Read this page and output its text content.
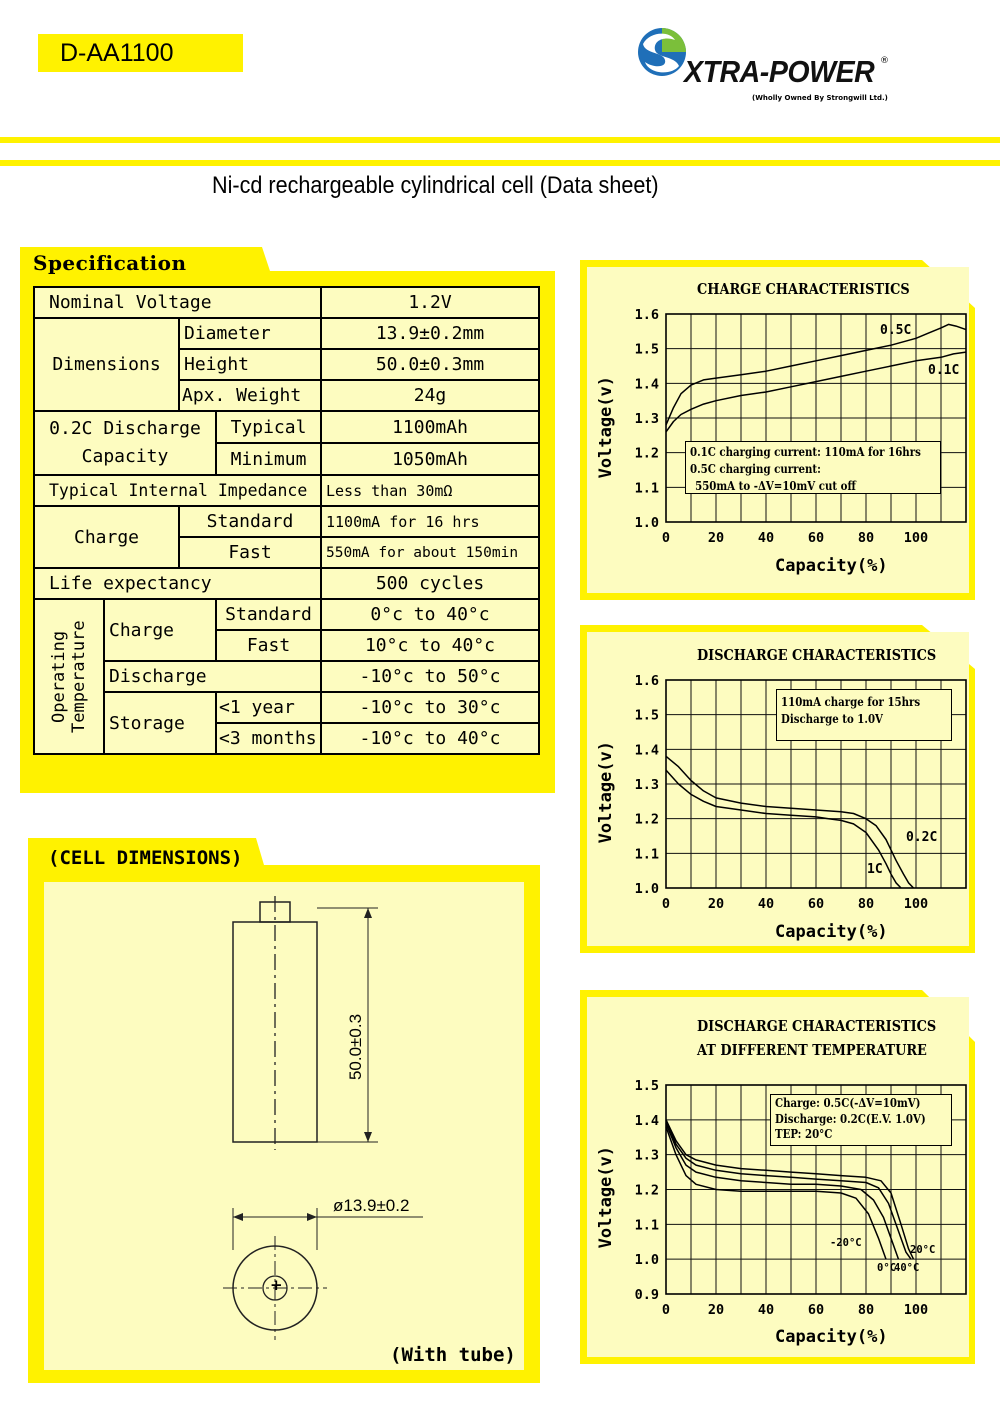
D-AA1100
XTRA-POWER ®
(Wholly Owned By Strongwill Ltd.)
Ni-cd rechargeable cylindrical cell (Data sheet)
Specification
Nominal Voltage				1.2V
Dimensions		Diameter		13.9±0.2mm
		Height		50.0±0.3mm
		Apx. Weight		24g
0.2C Discharge
Capacity			Typical	1100mAh
			Minimum	1050mAh
Typical Internal Impedance				Less than 30mΩ
Charge		Standard		1100mA for 16 hrs
		Fast		550mA for about 150min
Life expectancy				500 cycles

Operating
Temperature	Charge		Standard	0°c to 40°c
			Fast	10°c to 40°c
	Discharge			-10°c to 50°c
	Storage		<1 year	-10°c to 30°c
			<3 months	-10°c to 40°c
(CELL DIMENSIONS)
50.0±0.3
ø13.9±0.2
+
(With tube)
CHARGE CHARACTERISTICS
1.0
1.1
1.2
1.3
1.4
1.5
1.6
0	20 40 60 80 100
0.5C
0.1C
Voltage(v)
Capacity(%)
0.1C charging current: 110mA for 16hrs
0.5C charging current:
550mA to -ΔV=10mV cut off
DISCHARGE CHARACTERISTICS
1.0
1.1
1.2
1.3
1.4
1.5
1.6
0	20 40 60 80 100
0.2C
1C
Voltage(v)
Capacity(%)
110mA charge for 15hrs
Discharge to 1.0V
DISCHARGE CHARACTERISTICS
AT DIFFERENT TEMPERATURE
0.9
1.0
1.1
1.2
1.3
1.4
1.5
0	20 40 60 80 100
20°C
40°C
0°C
-20°C
Voltage(v)
Capacity(%)
Charge: 0.5C(-ΔV=10mV)
Discharge: 0.2C(E.V. 1.0V)
TEP: 20°C
